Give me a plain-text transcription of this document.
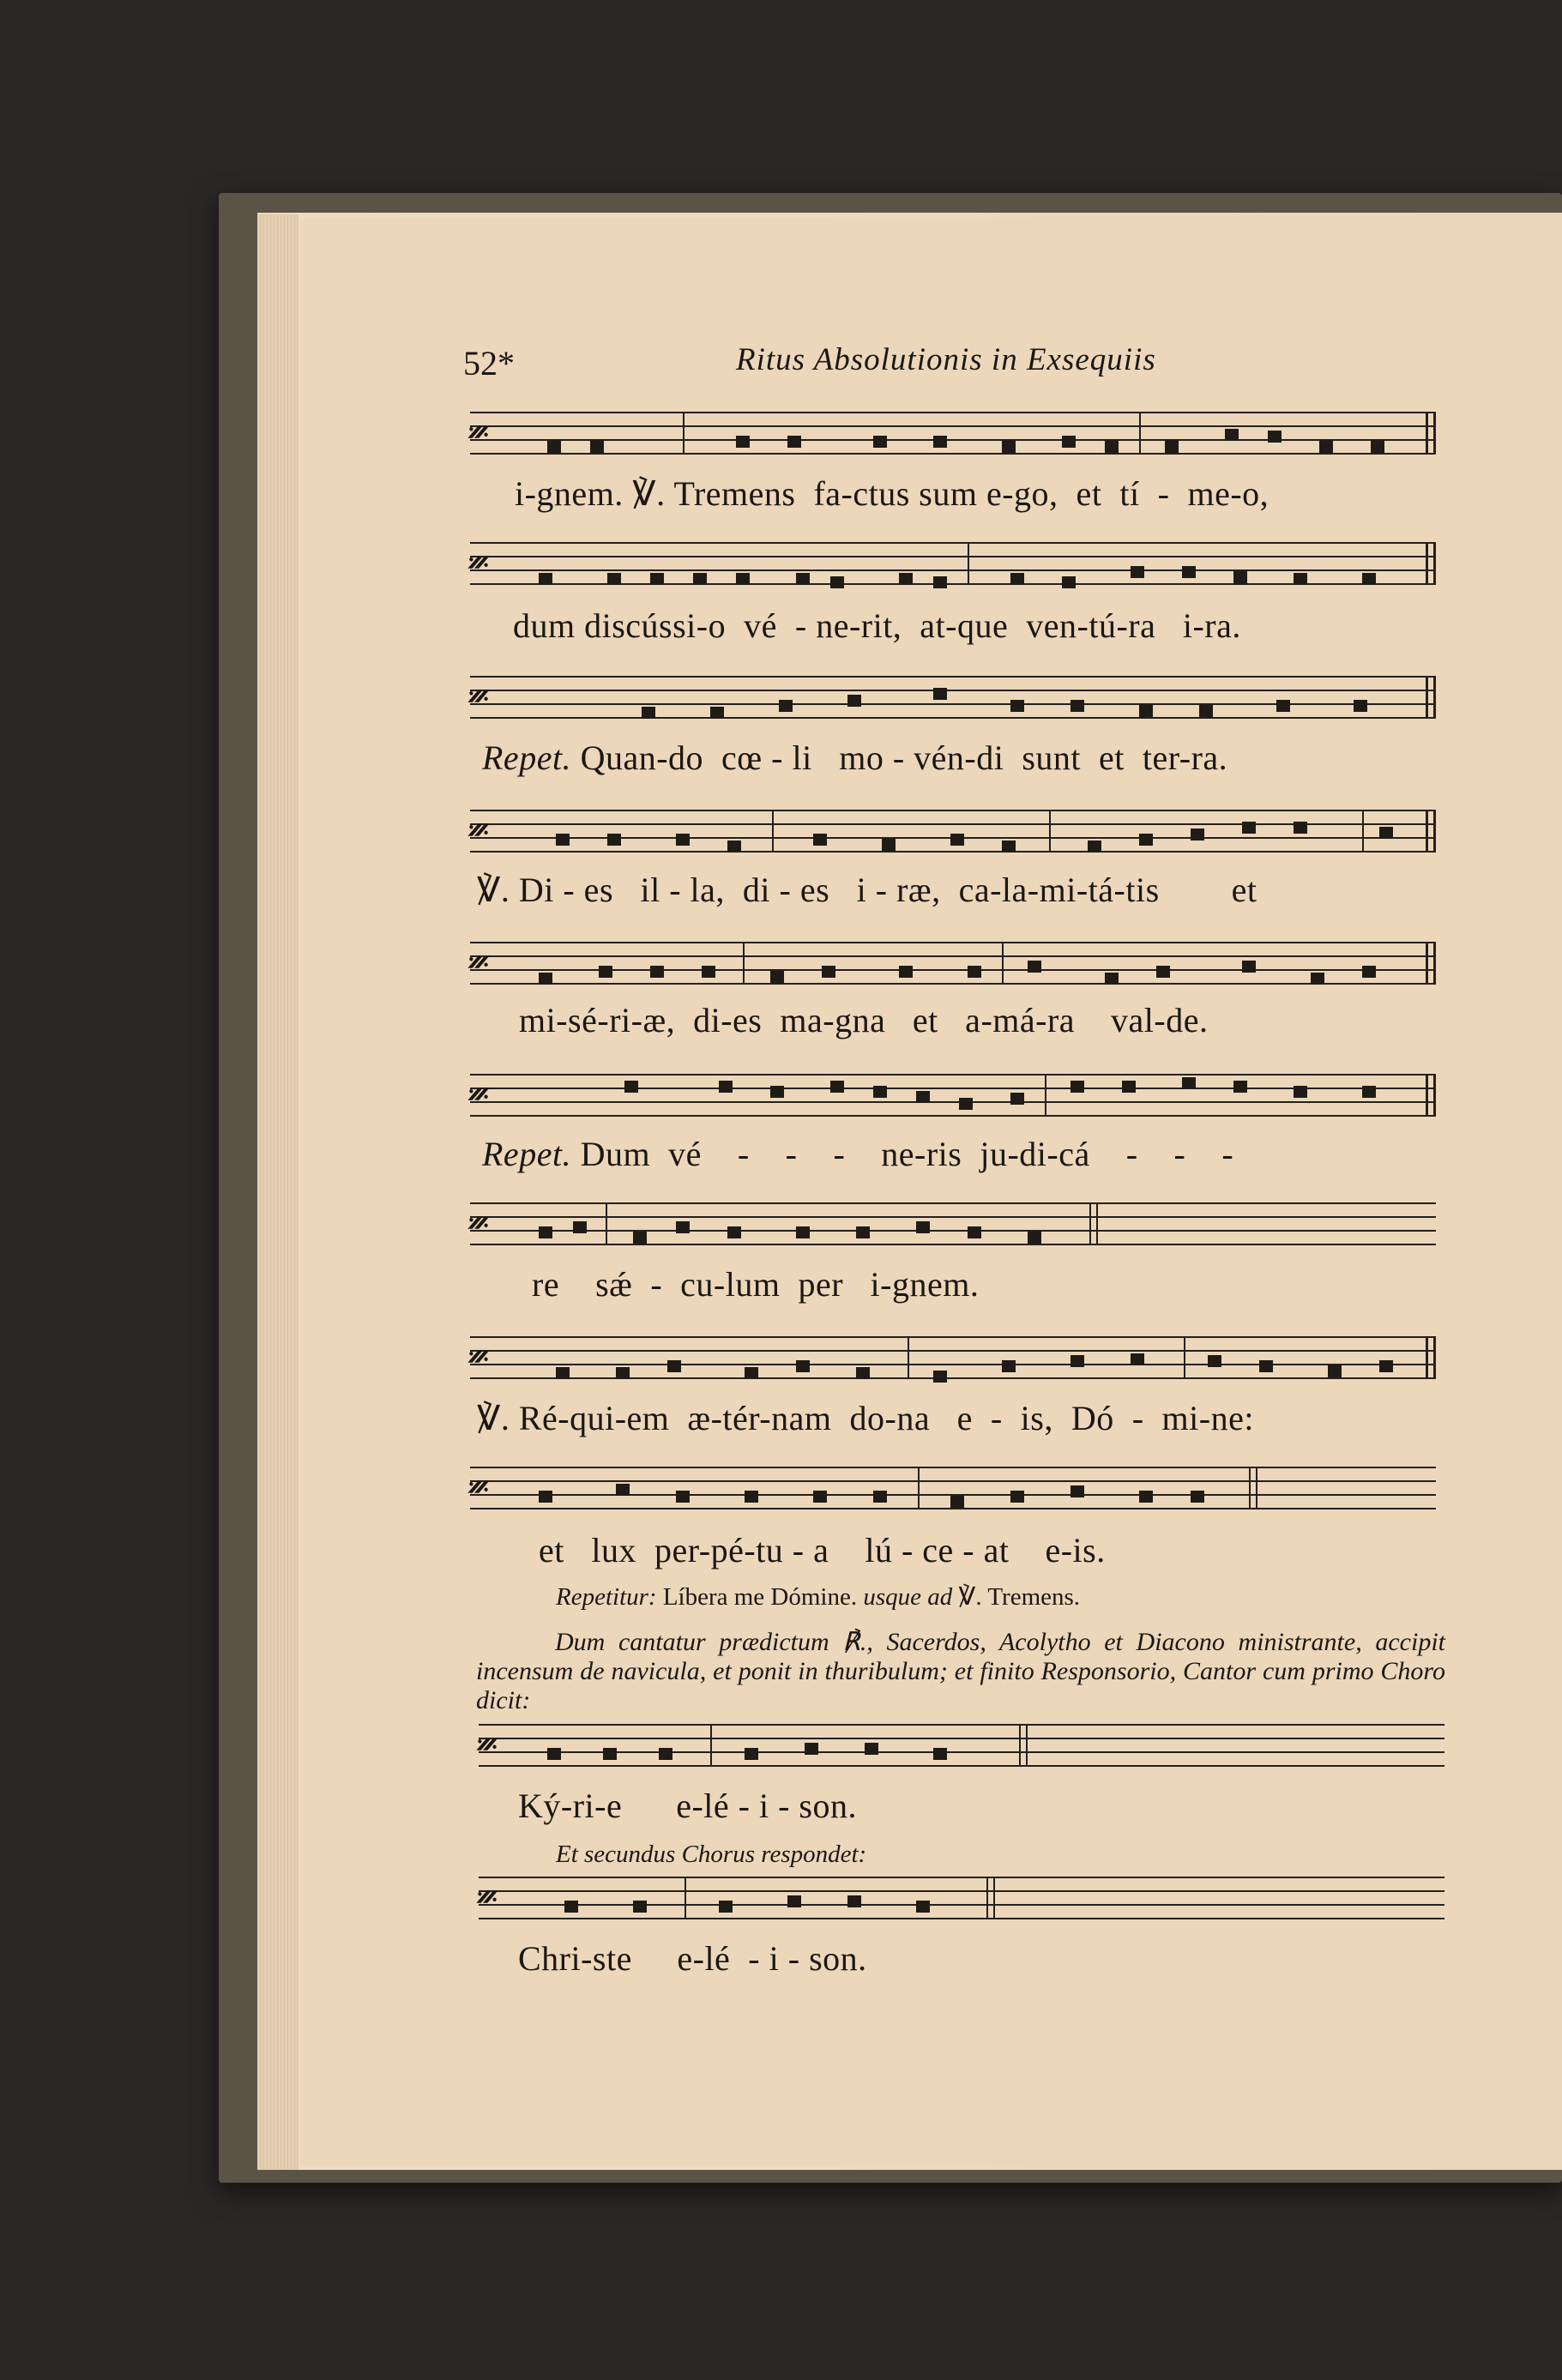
52*	Ritus Absolutionis in Exsequiis
𝄏
i-gnem. ℣. Tremens  fa-ctus sum e-go,  et  tí  -  me-o,
𝄏
dum discússi-o  vé  - ne-rit,  at-que  ven-tú-ra   i-ra.
𝄏
Repet. Quan-do  cœ - li   mo - vén-di  sunt  et  ter-ra.
𝄏
℣. Di - es   il - la,  di - es   i - ræ,  ca-la-mi-tá-tis        et
𝄏
mi-sé-ri-æ,  di-es  ma-gna   et   a-má-ra    val-de.
𝄏
Repet. Dum  vé    -    -    -    ne-ris  ju-di-cá    -    -    -
𝄏
re    sǽ  -  cu-lum  per   i-gnem.
𝄏
℣. Ré-qui-em  æ-tér-nam  do-na   e  -  is,  Dó  -  mi-ne:
𝄏
et   lux  per-pé-tu - a    lú - ce - at    e-is.
Repetitur: Líbera me Dómine. usque ad ℣. Tremens.
Dum cantatur prædictum ℟., Sacerdos, Acolytho et Diacono ministrante, accipit incensum de navicula, et ponit in thuribulum; et finito Responsorio, Cantor cum primo Choro dicit:
𝄏
Ký-ri-e      e-lé - i - son.
Et secundus Chorus respondet:
𝄏
Chri-ste     e-lé  - i - son.
